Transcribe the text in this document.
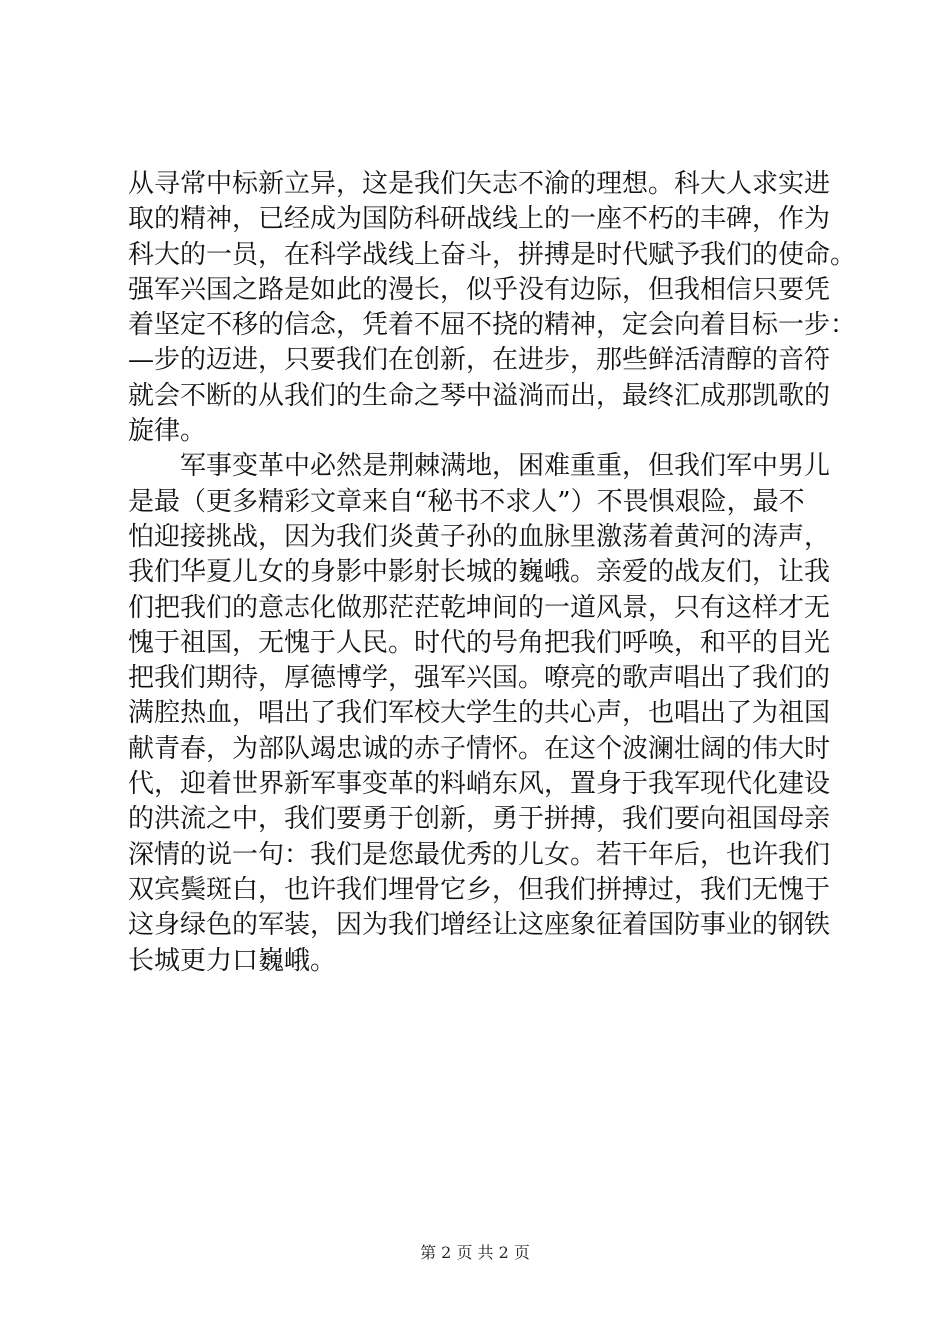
从寻常中标新立异，这是我们矢志不渝的理想。科大人求实进
取的精神，已经成为国防科研战线上的一座不朽的丰碑，作为
科大的一员，在科学战线上奋斗，拼搏是时代赋予我们的使命。
强军兴国之路是如此的漫长，似乎没有边际，但我相信只要凭
着坚定不移的信念，凭着不屈不挠的精神，定会向着目标一步：
—步的迈进，只要我们在创新，在进步，那些鲜活清醇的音符
就会不断的从我们的生命之琴中溢淌而出，最终汇成那凯歌的
旋律。
军事变革中必然是荆棘满地，困难重重，但我们军中男儿
是最（更多精彩文章来自“秘书不求人”）不畏惧艰险，最不
怕迎接挑战，因为我们炎黄子孙的血脉里激荡着黄河的涛声，
我们华夏儿女的身影中影射长城的巍峨。亲爱的战友们，让我
们把我们的意志化做那茫茫乾坤间的一道风景，只有这样才无
愧于祖国，无愧于人民。时代的号角把我们呼唤，和平的目光
把我们期待，厚德博学，强军兴国。嘹亮的歌声唱出了我们的
满腔热血，唱出了我们军校大学生的共心声，也唱出了为祖国
献青春，为部队竭忠诚的赤子情怀。在这个波澜壮阔的伟大时
代，迎着世界新军事变革的料峭东风，置身于我军现代化建设
的洪流之中，我们要勇于创新，勇于拼搏，我们要向祖国母亲
深情的说一句：我们是您最优秀的儿女。若干年后，也许我们
双宾鬓斑白，也许我们埋骨它乡，但我们拼搏过，我们无愧于
这身绿色的军装，因为我们增经让这座象征着国防事业的钢铁
长城更力口巍峨。
第 2 页 共 2 页
